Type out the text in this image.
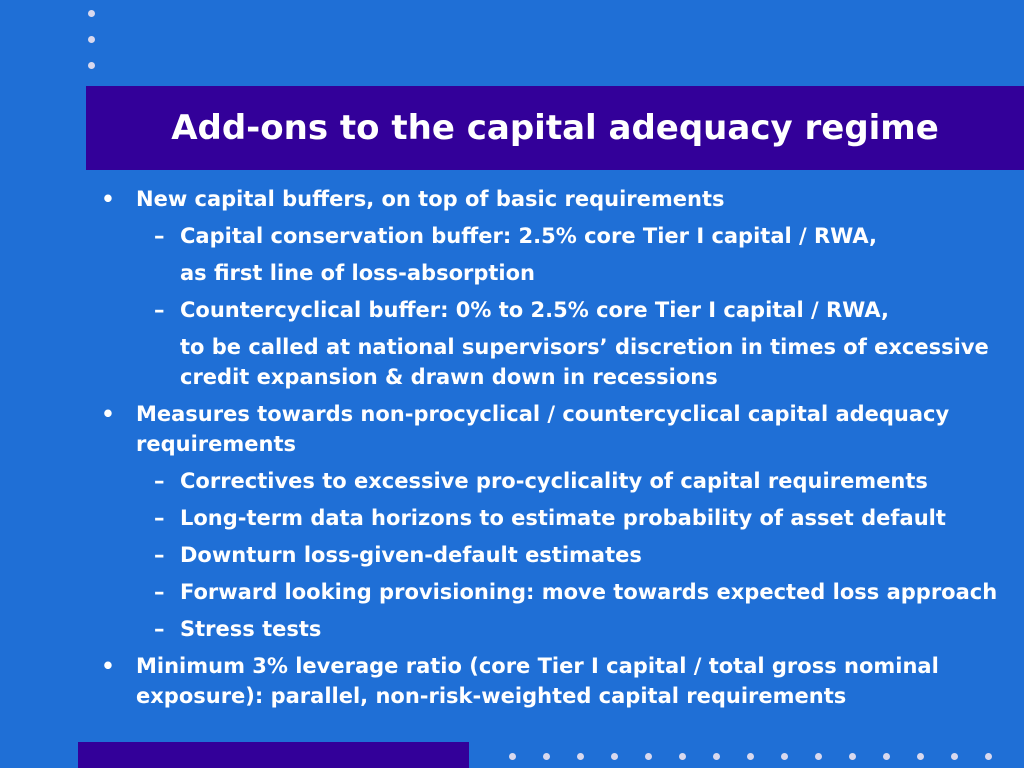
Add-ons to the capital adequacy regime

• New capital buffers, on top of basic requirements

– Capital conservation buffer: 2.5% core Tier I capital / RWA,

as first line of loss-absorption

– Countercyclical buffer: 0% to 2.5% core Tier I capital / RWA,

to be called at national supervisors’ discretion in times of excessive credit expansion & drawn down in recessions

• Measures towards non-procyclical / countercyclical capital adequacy requirements

– Correctives to excessive pro-cyclicality of capital requirements

– Long-term data horizons to estimate probability of asset default

– Downturn loss-given-default estimates

– Forward looking provisioning: move towards expected loss approach

– Stress tests

• Minimum 3% leverage ratio (core Tier I capital / total gross nominal exposure): parallel, non-risk-weighted capital requirements
